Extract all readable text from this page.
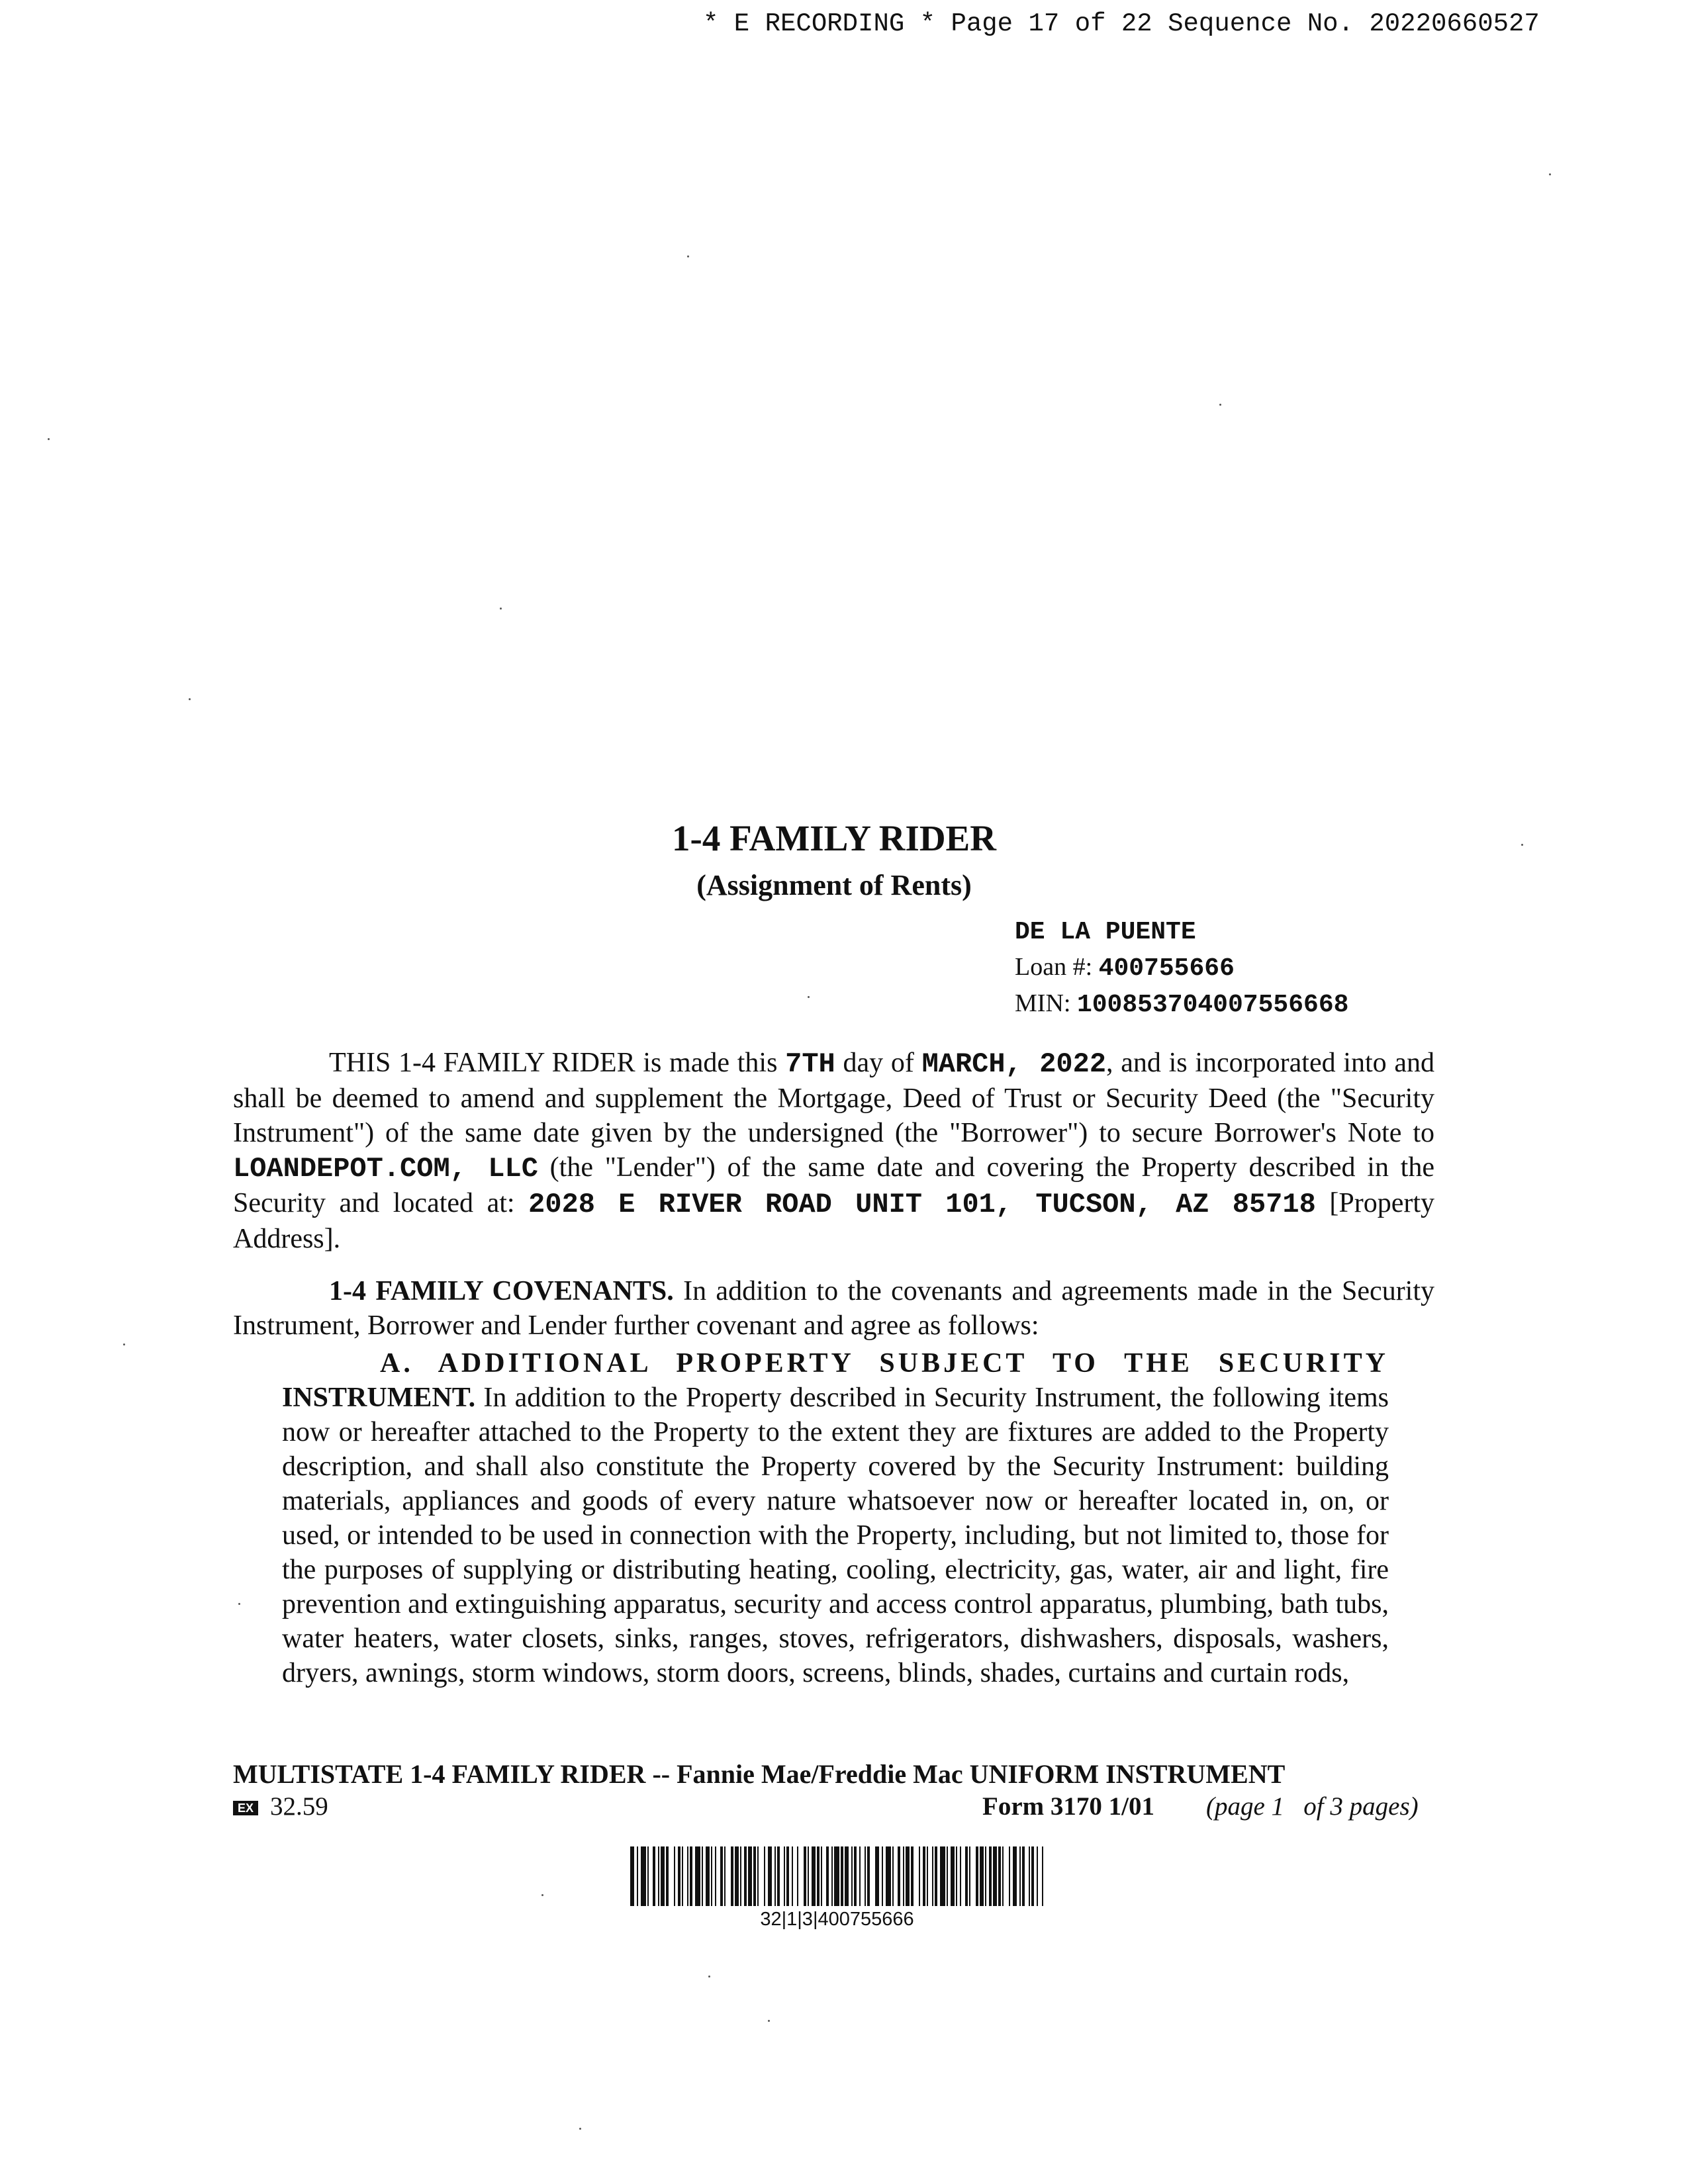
* E RECORDING * Page 17 of 22 Sequence No. 20220660527
1-4 FAMILY RIDER
(Assignment of Rents)
DE LA PUENTE
Loan #: 400755666
MIN: 100853704007556668
THIS 1-4 FAMILY RIDER is made this 7TH day of MARCH, 2022, and is incorporated into and shall be deemed to amend and supplement the Mortgage, Deed of Trust or Security Deed (the "Security Instrument") of the same date given by the undersigned (the "Borrower") to secure Borrower's Note to LOANDEPOT.COM, LLC (the "Lender") of the same date and covering the Property described in the Security and located at: 2028 E RIVER ROAD UNIT 101, TUCSON, AZ 85718 [Property Address].
1-4 FAMILY COVENANTS. In addition to the covenants and agreements made in the Security Instrument, Borrower and Lender further covenant and agree as follows:
A. ADDITIONAL PROPERTY SUBJECT TO THE SECURITY INSTRUMENT. In addition to the Property described in Security Instrument, the following items now or hereafter attached to the Property to the extent they are fixtures are added to the Property description, and shall also constitute the Property covered by the Security Instrument: building materials, appliances and goods of every nature whatsoever now or hereafter located in, on, or used, or intended to be used in connection with the Property, including, but not limited to, those for the purposes of supplying or distributing heating, cooling, electricity, gas, water, air and light, fire prevention and extinguishing apparatus, security and access control apparatus, plumbing, bath tubs, water heaters, water closets, sinks, ranges, stoves, refrigerators, dishwashers, disposals, washers, dryers, awnings, storm windows, storm doors, screens, blinds, shades, curtains and curtain rods,
MULTISTATE 1-4 FAMILY RIDER -- Fannie Mae/Freddie Mac UNIFORM INSTRUMENT
EX 32.59	Form 3170 1/01 (page 1   of 3 pages)
32|1|3|400755666
